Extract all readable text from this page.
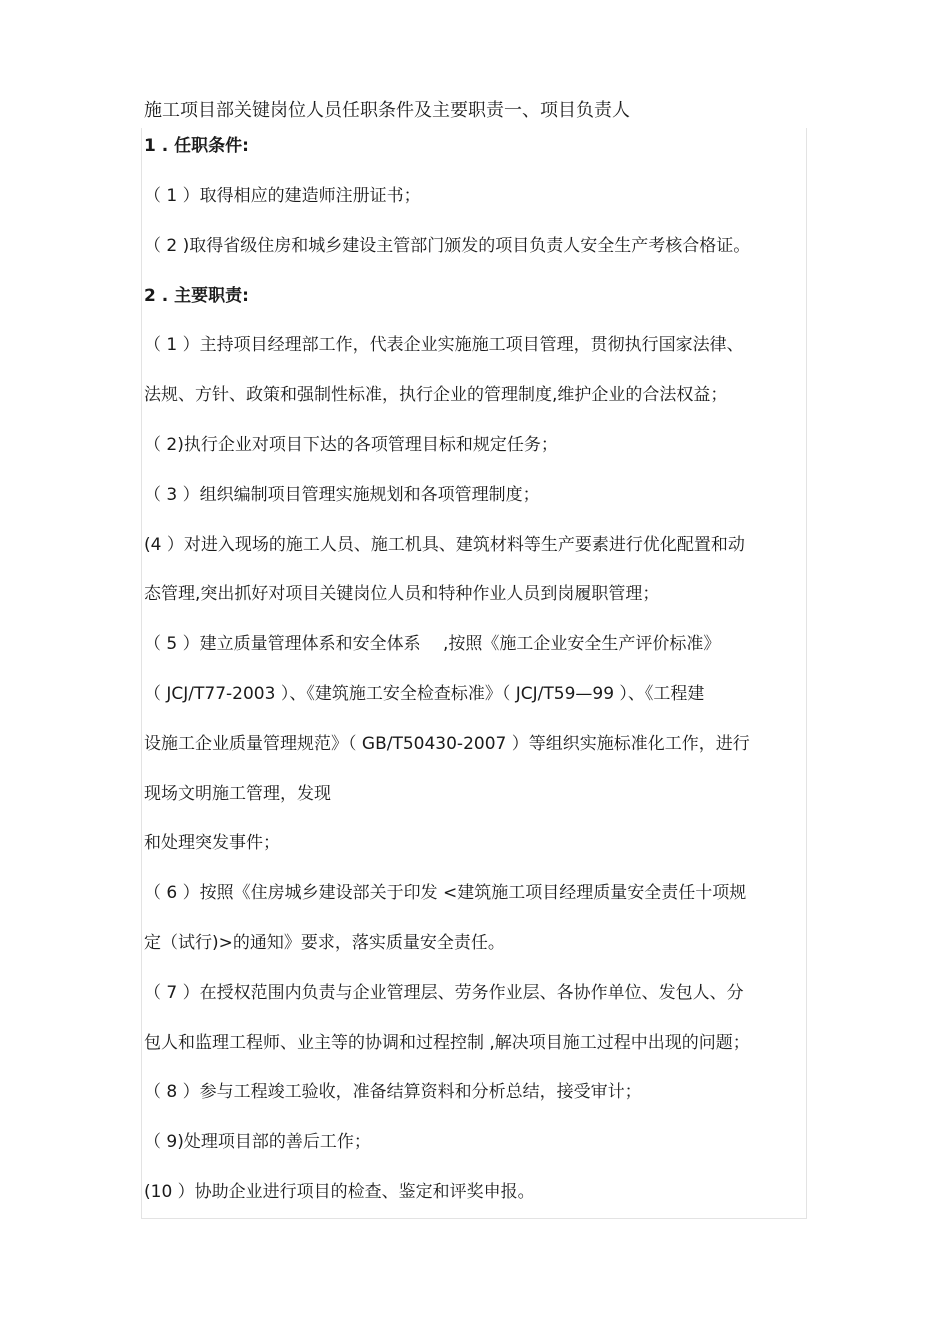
施工项目部关键岗位人员任职条件及主要职责一、项目负责人
1 . 任职条件:
（ 1 ）取得相应的建造师注册证书；
（ 2 )取得省级住房和城乡建设主管部门颁发的项目负责人安全生产考核合格证。
2 . 主要职责:
（ 1 ）主持项目经理部工作，代表企业实施施工项目管理，贯彻执行国家法律、
法规、方针、政策和强制性标准，执行企业的管理制度,维护企业的合法权益；
（ 2)执行企业对项目下达的各项管理目标和规定任务；
（ 3 ）组织编制项目管理实施规划和各项管理制度；
(4 ）对进入现场的施工人员、施工机具、建筑材料等生产要素进行优化配置和动
态管理,突出抓好对项目关键岗位人员和特种作业人员到岗履职管理；
（ 5 ）建立质量管理体系和安全体系　 ,按照《施工企业安全生产评价标准》
（ JCJ/T77-2003 ）、《建筑施工安全检查标准》（ JCJ/T59—99 ）、《工程建
设施工企业质量管理规范》（ GB/T50430-2007 ）等组织实施标准化工作，进行
现场文明施工管理，发现
和处理突发事件；
（ 6 ）按照《住房城乡建设部关于印发 <建筑施工项目经理质量安全责任十项规
定（试行)>的通知》要求，落实质量安全责任。
（ 7 ）在授权范围内负责与企业管理层、劳务作业层、各协作单位、发包人、分
包人和监理工程师、业主等的协调和过程控制 ,解决项目施工过程中出现的问题；
（ 8 ）参与工程竣工验收，准备结算资料和分析总结，接受审计；
（ 9)处理项目部的善后工作；
(10 ）协助企业进行项目的检查、鉴定和评奖申报。
